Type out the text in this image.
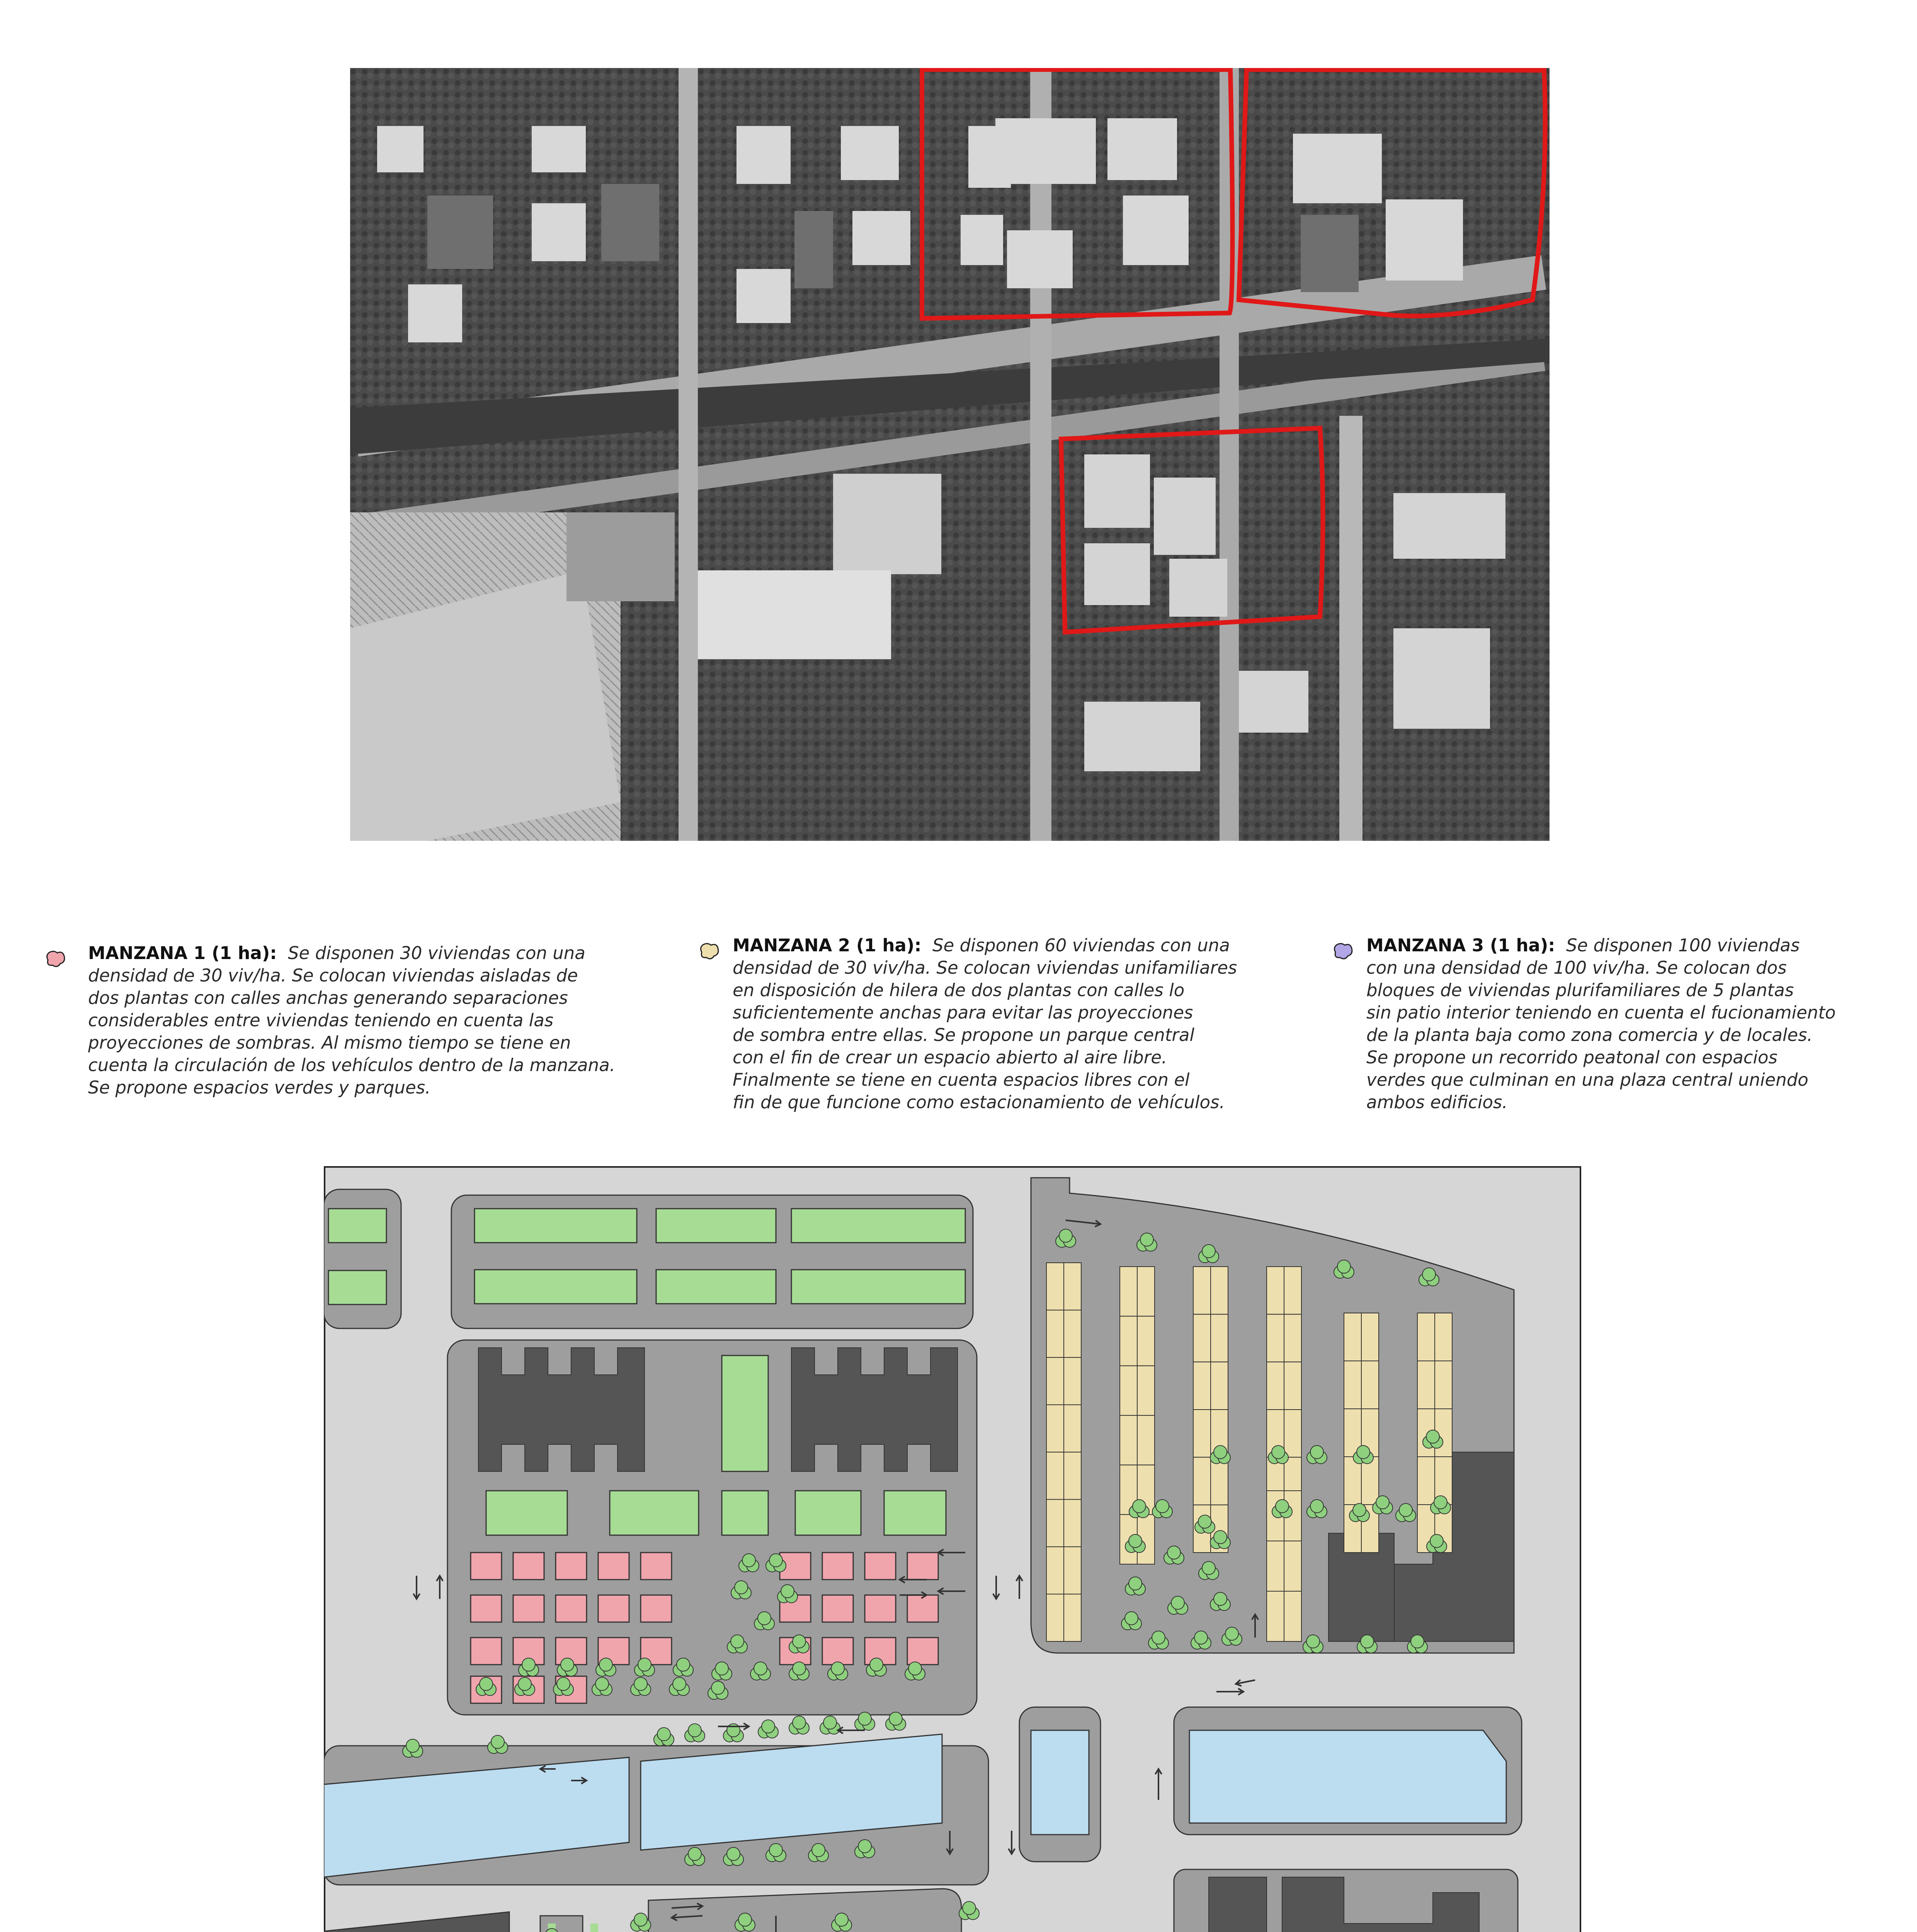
MANZANA 1 (1 ha): Se disponen 30 viviendas con una
densidad de 30 viv/ha. Se colocan viviendas aisladas de
dos plantas con calles anchas generando separaciones
considerables entre viviendas teniendo en cuenta las
proyecciones de sombras. Al mismo tiempo se tiene en
cuenta la circulación de los vehículos dentro de la manzana.
Se propone espacios verdes y parques.
MANZANA 2 (1 ha): Se disponen 60 viviendas con una
densidad de 30 viv/ha. Se colocan viviendas unifamiliares
en disposición de hilera de dos plantas con calles lo
suficientemente anchas para evitar las proyecciones
de sombra entre ellas. Se propone un parque central
con el fin de crear un espacio abierto al aire libre.
Finalmente se tiene en cuenta espacios libres con el
fin de que funcione como estacionamiento de vehículos.
MANZANA 3 (1 ha): Se disponen 100 viviendas
con una densidad de 100 viv/ha. Se colocan dos
bloques de viviendas plurifamiliares de 5 plantas
sin patio interior teniendo en cuenta el fucionamiento
de la planta baja como zona comercia y de locales.
Se propone un recorrido peatonal con espacios
verdes que culminan en una plaza central uniendo
ambos edificios.
